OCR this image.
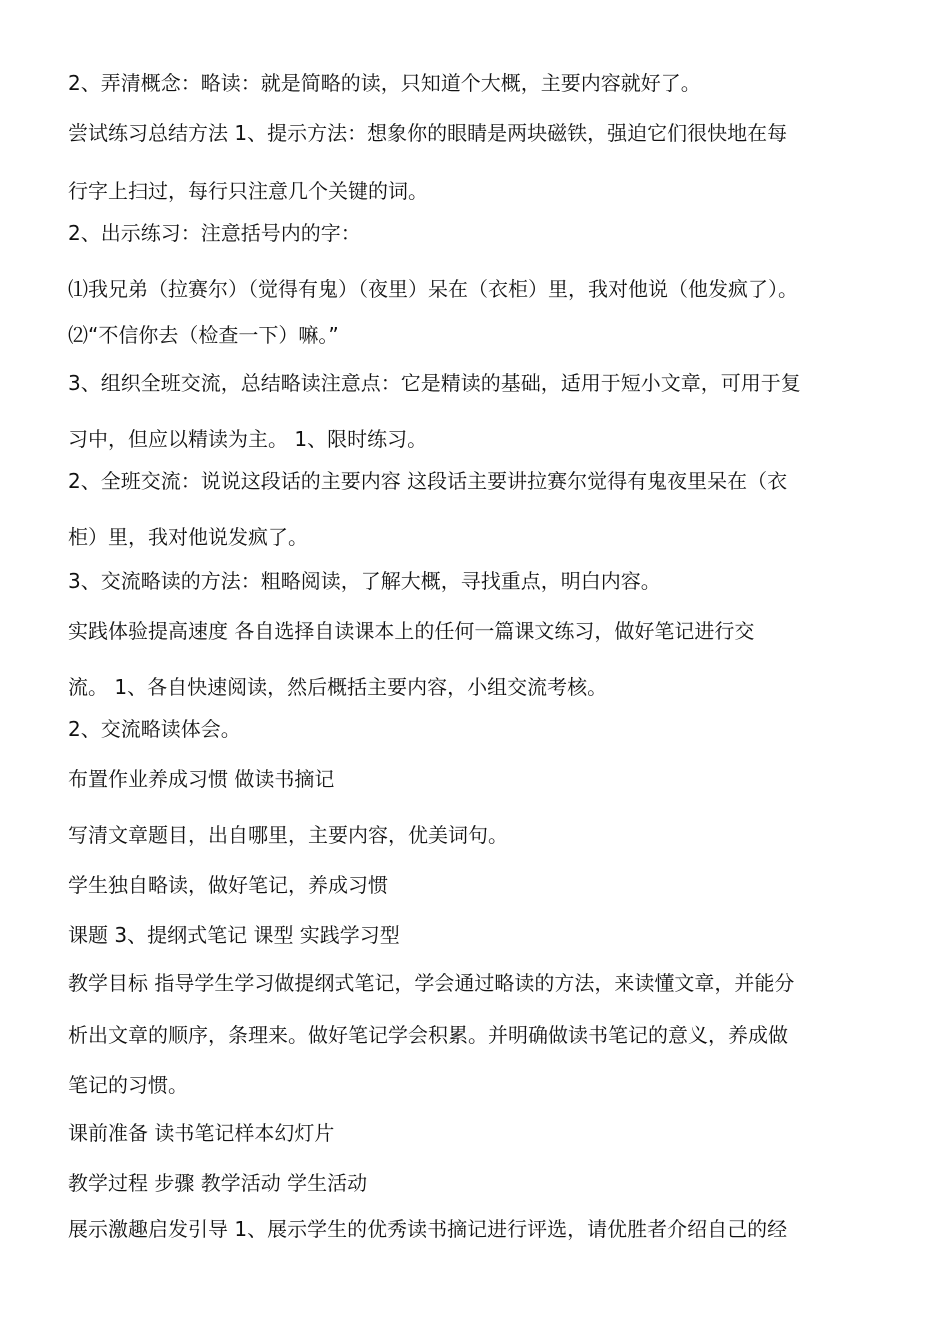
2、弄清概念：略读：就是简略的读，只知道个大概，主要内容就好了。
尝试练习总结方法 1、提示方法：想象你的眼睛是两块磁铁，强迫它们很快地在每
行字上扫过，每行只注意几个关键的词。
2、出示练习：注意括号内的字：
⑴我兄弟（拉赛尔）（觉得有鬼）（夜里）呆在（衣柜）里，我对他说（他发疯了）。
⑵“不信你去（检查一下）嘛。”
3、组织全班交流，总结略读注意点：它是精读的基础，适用于短小文章，可用于复
习中，但应以精读为主。 1、限时练习。
2、全班交流：说说这段话的主要内容 这段话主要讲拉赛尔觉得有鬼夜里呆在（衣
柜）里，我对他说发疯了。
3、交流略读的方法：粗略阅读，了解大概，寻找重点，明白内容。
实践体验提高速度 各自选择自读课本上的任何一篇课文练习，做好笔记进行交
流。 1、各自快速阅读，然后概括主要内容，小组交流考核。
2、交流略读体会。
布置作业养成习惯 做读书摘记
写清文章题目，出自哪里，主要内容，优美词句。
学生独自略读，做好笔记，养成习惯
课题 3、提纲式笔记 课型 实践学习型
教学目标 指导学生学习做提纲式笔记，学会通过略读的方法，来读懂文章，并能分
析出文章的顺序，条理来。做好笔记学会积累。并明确做读书笔记的意义，养成做
笔记的习惯。
课前准备 读书笔记样本幻灯片
教学过程 步骤 教学活动 学生活动
展示激趣启发引导 1、展示学生的优秀读书摘记进行评选，请优胜者介绍自己的经
